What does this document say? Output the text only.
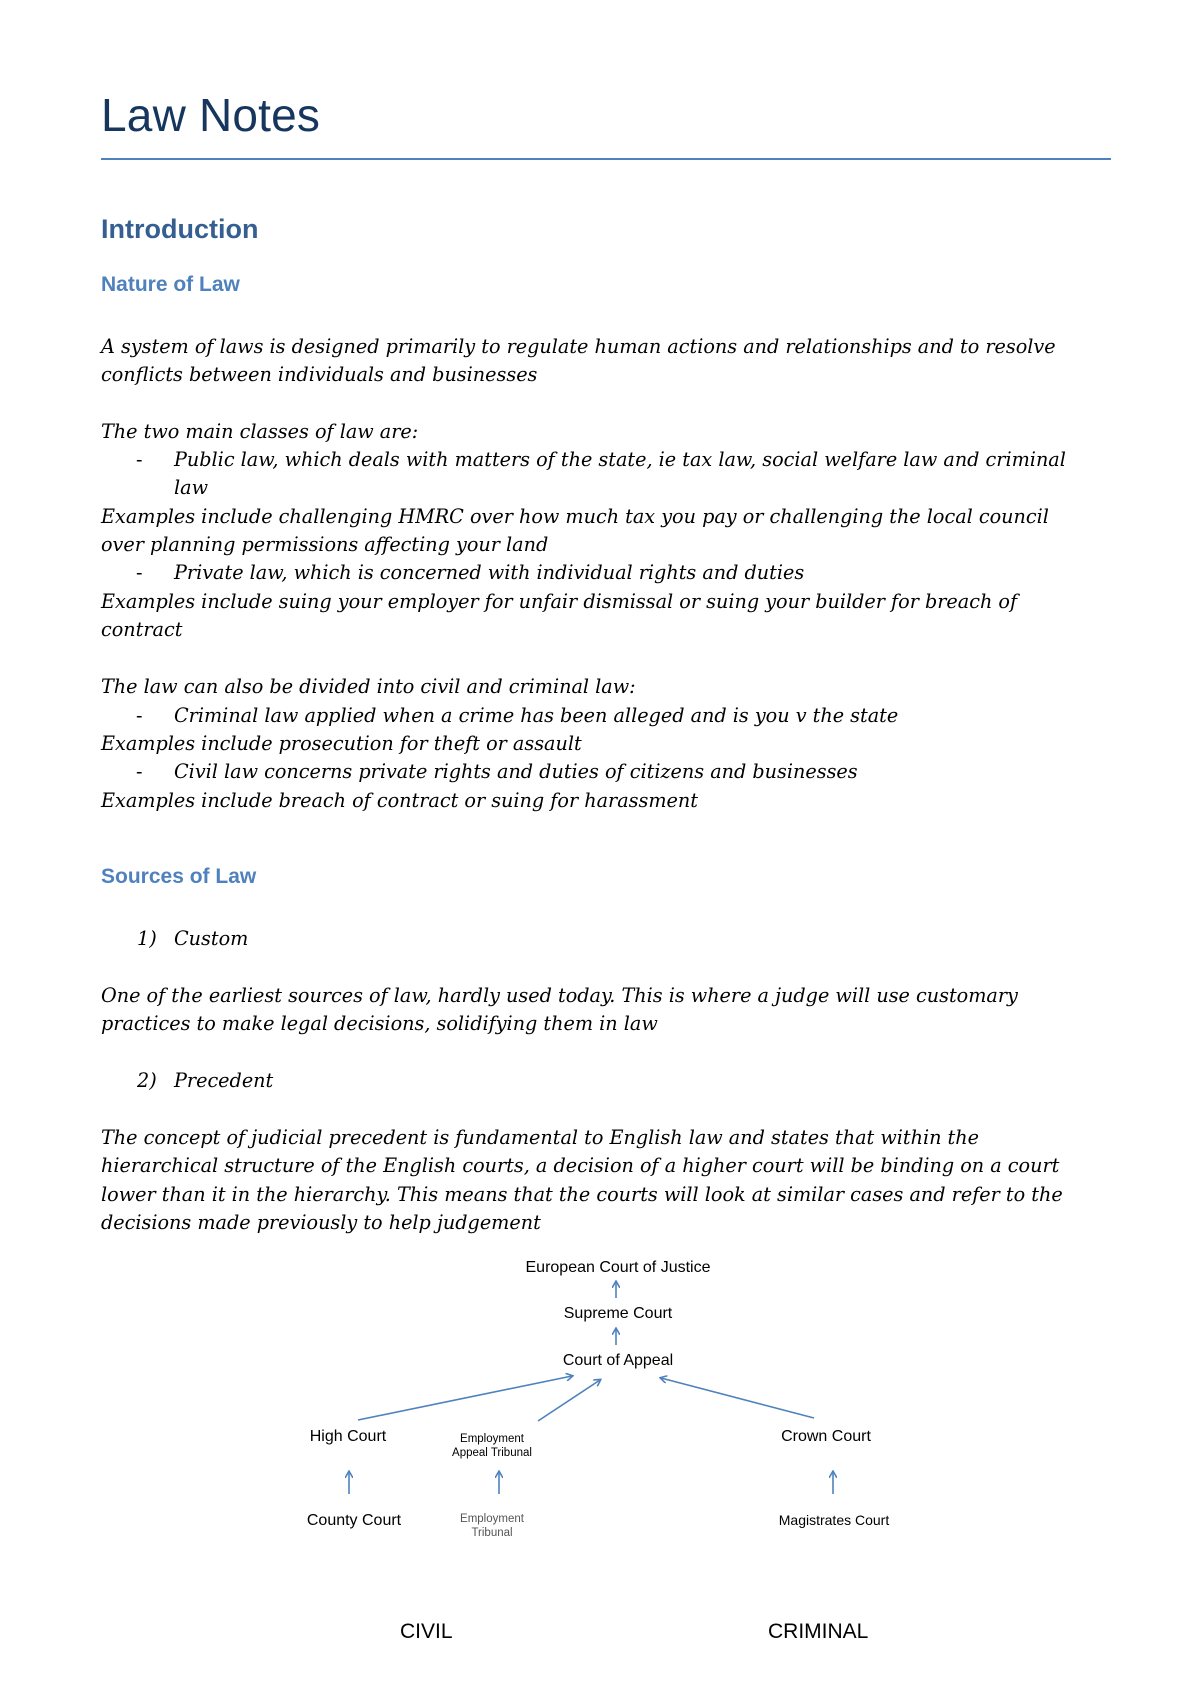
Law Notes
Introduction
Nature of Law

A system of laws is designed primarily to regulate human actions and relationships and to resolve

conflicts between individuals and businesses

The two main classes of law are:

- Public law, which deals with matters of the state, ie tax law, social welfare law and criminal
law

Examples include challenging HMRC over how much tax you pay or challenging the local council

over planning permissions affecting your land

- Private law, which is concerned with individual rights and duties

Examples include suing your employer for unfair dismissal or suing your builder for breach of

contract

The law can also be divided into civil and criminal law:

- Criminal law applied when a crime has been alleged and is you v the state

Examples include prosecution for theft or assault

- Civil law concerns private rights and duties of citizens and businesses

Examples include breach of contract or suing for harassment

Sources of Law
1) Custom

One of the earliest sources of law, hardly used today. This is where a judge will use customary

practices to make legal decisions, solidifying them in law

2) Precedent

The concept of judicial precedent is fundamental to English law and states that within the

hierarchical structure of the English courts, a decision of a higher court will be binding on a court

lower than it in the hierarchy. This means that the courts will look at similar cases and refer to the

decisions made previously to help judgement

European Court of Justice
Supreme Court
Court of Appeal
High Court	Employment
Appeal Tribunal
Crown Court
County Court	Employment
Tribunal
Magistrates Court
CIVIL	CRIMINAL
